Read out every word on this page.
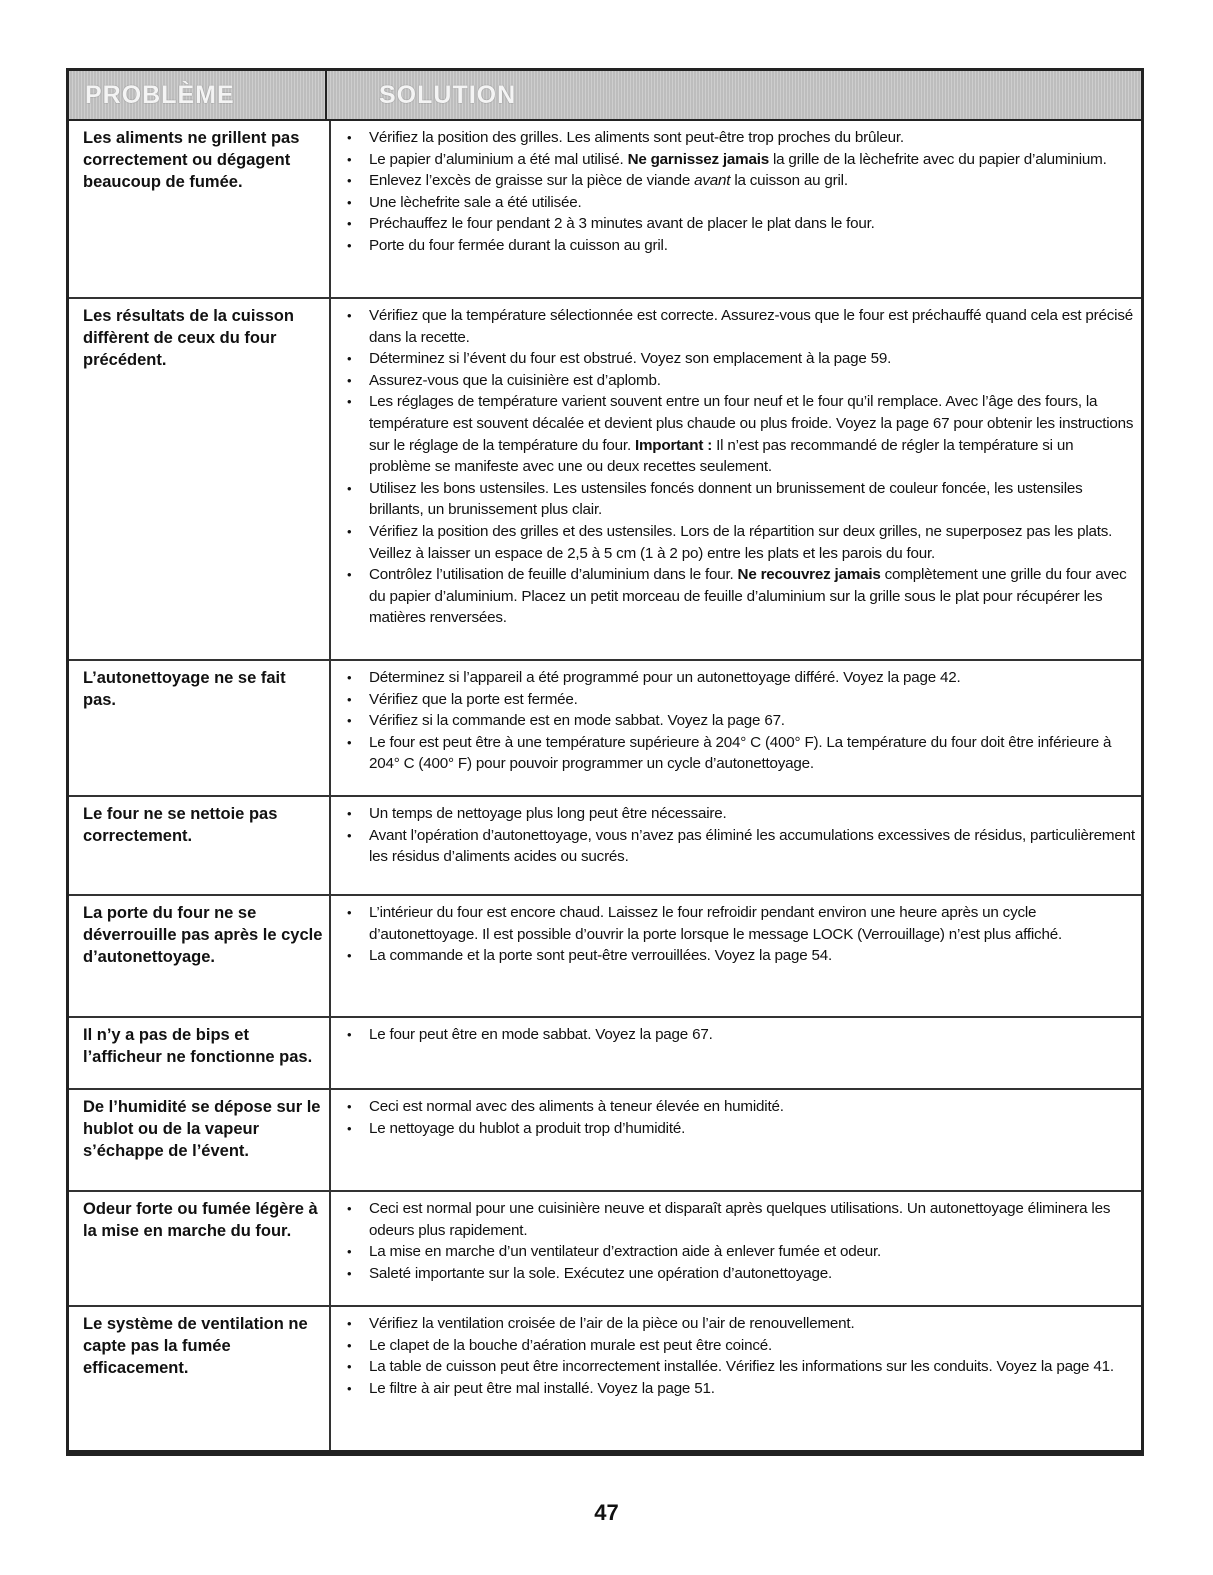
PROBLÈME	SOLUTION
Les aliments ne grillent pas correctement ou dégagent beaucoup de fumée.
• Vérifiez la position des grilles. Les aliments sont peut-être trop proches du brûleur.
• Le papier d’aluminium a été mal utilisé. Ne garnissez jamais la grille de la lèchefrite avec du papier d’aluminium.
• Enlevez l’excès de graisse sur la pièce de viande avant la cuisson au gril.
• Une lèchefrite sale a été utilisée.
• Préchauffez le four pendant 2 à 3 minutes avant de placer le plat dans le four.
• Porte du four fermée durant la cuisson au gril.
Les résultats de la cuisson diffèrent de ceux du four précédent.
• Vérifiez que la température sélectionnée est correcte. Assurez-vous que le four est préchauffé quand cela est précisé dans la recette.
• Déterminez si l’évent du four est obstrué. Voyez son emplacement à la page 59.
• Assurez-vous que la cuisinière est d’aplomb.
• Les réglages de température varient souvent entre un four neuf et le four qu’il remplace. Avec l’âge des fours, la température est souvent décalée et devient plus chaude ou plus froide. Voyez la page 67 pour obtenir les instructions sur le réglage de la température du four. Important : Il n’est pas recommandé de régler la température si un problème se manifeste avec une ou deux recettes seulement.
• Utilisez les bons ustensiles. Les ustensiles foncés donnent un brunissement de couleur foncée, les ustensiles brillants, un brunissement plus clair.
• Vérifiez la position des grilles et des ustensiles. Lors de la répartition sur deux grilles, ne superposez pas les plats. Veillez à laisser un espace de 2,5 à 5 cm (1 à 2 po) entre les plats et les parois du four.
• Contrôlez l’utilisation de feuille d’aluminium dans le four. Ne recouvrez jamais complètement une grille du four avec du papier d’aluminium. Placez un petit morceau de feuille d’aluminium sur la grille sous le plat pour récupérer les matières renversées.
L’autonettoyage ne se fait pas.
• Déterminez si l’appareil a été programmé pour un autonettoyage différé. Voyez la page 42.
• Vérifiez que la porte est fermée.
• Vérifiez si la commande est en mode sabbat. Voyez la page 67.
• Le four est peut être à une température supérieure à 204° C (400° F). La température du four doit être inférieure à 204° C (400° F) pour pouvoir programmer un cycle d’autonettoyage.
Le four ne se nettoie pas correctement.
• Un temps de nettoyage plus long peut être nécessaire.
• Avant l’opération d’autonettoyage, vous n’avez pas éliminé les accumulations excessives de résidus, particulièrement les résidus d’aliments acides ou sucrés.
La porte du four ne se déverrouille pas après le cycle d’autonettoyage.
• L’intérieur du four est encore chaud. Laissez le four refroidir pendant environ une heure après un cycle d’autonettoyage. Il est possible d’ouvrir la porte lorsque le message LOCK (Verrouillage) n’est plus affiché.
• La commande et la porte sont peut-être verrouillées. Voyez la page 54.
Il n’y a pas de bips et l’afficheur ne fonctionne pas.
• Le four peut être en mode sabbat. Voyez la page 67.
De l’humidité se dépose sur le hublot ou de la vapeur s’échappe de l’évent.
• Ceci est normal avec des aliments à teneur élevée en humidité.
• Le nettoyage du hublot a produit trop d’humidité.
Odeur forte ou fumée légère à la mise en marche du four.
• Ceci est normal pour une cuisinière neuve et disparaît après quelques utilisations. Un autonettoyage éliminera les odeurs plus rapidement.
• La mise en marche d’un ventilateur d’extraction aide à enlever fumée et odeur.
• Saleté importante sur la sole. Exécutez une opération d’autonettoyage.
Le système de ventilation ne capte pas la fumée efficacement.
• Vérifiez la ventilation croisée de l’air de la pièce ou l’air de renouvellement.
• Le clapet de la bouche d’aération murale est peut être coincé.
• La table de cuisson peut être incorrectement installée. Vérifiez les informations sur les conduits. Voyez la page 41.
• Le filtre à air peut être mal installé. Voyez la page 51.
47
